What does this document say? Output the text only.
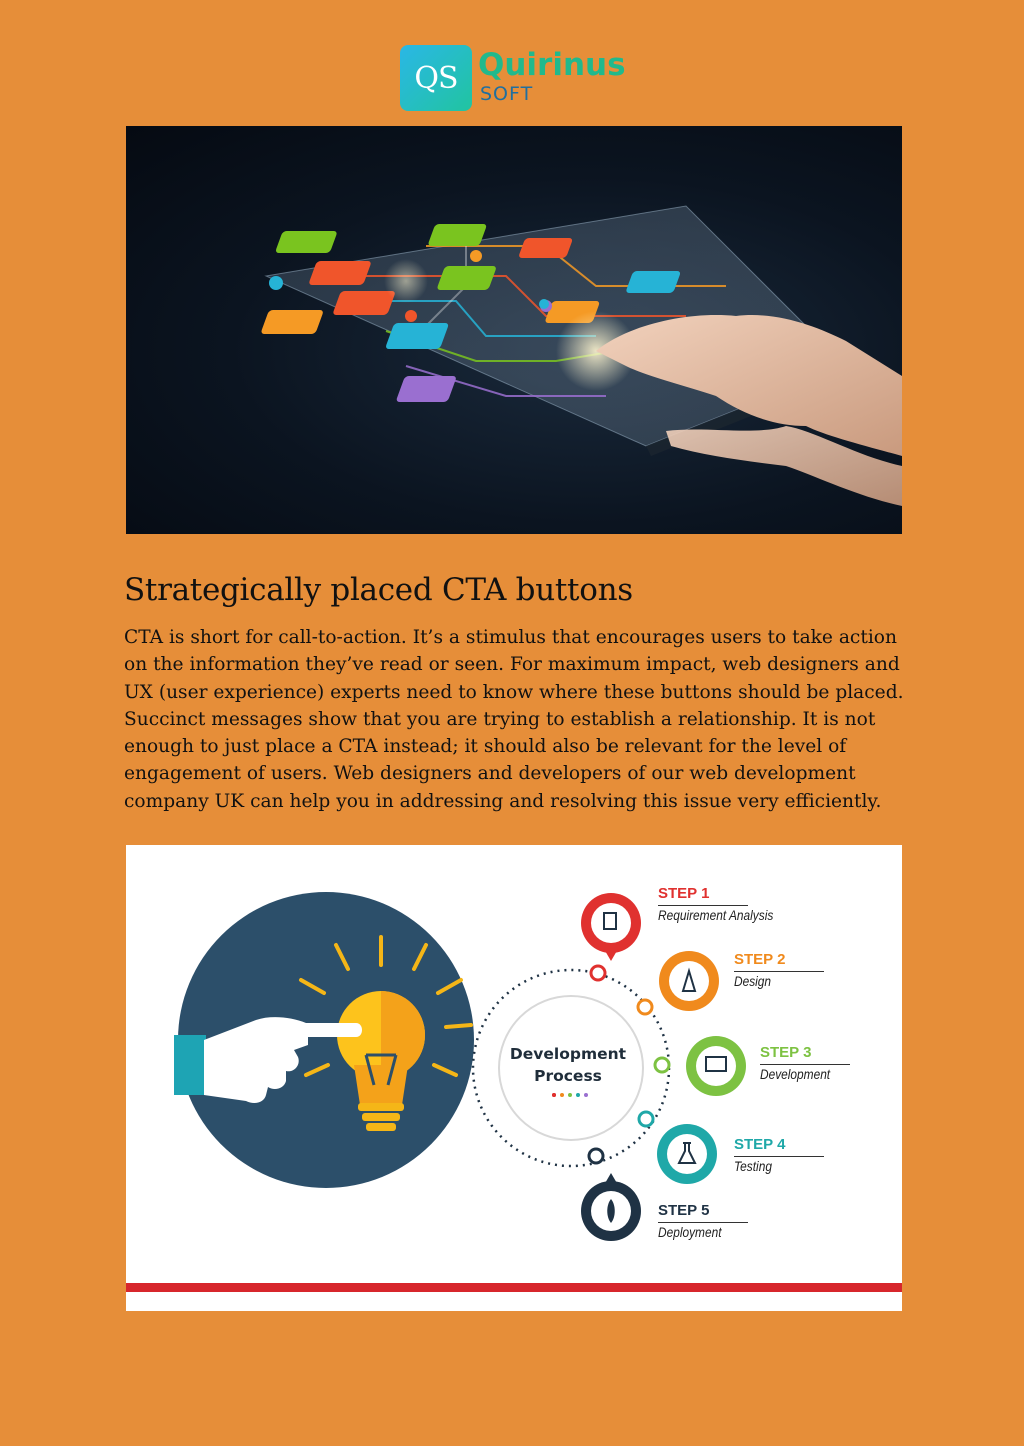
QS Quirinus
SOFT
Strategically placed CTA buttons

CTA is short for call-to-action. It’s a stimulus that encourages users to take action on the information they’ve read or seen. For maximum impact, web designers and UX (user experience) experts need to know where these buttons should be placed. Succinct messages show that you are trying to establish a relationship. It is not enough to just place a CTA instead; it should also be relevant for the level of engagement of users. Web designers and developers of our web development company UK can help you in addressing and resolving this issue very efficiently.

Development
Process
STEP 1
Requirement Analysis
STEP 2
Design
STEP 3
Development
STEP 4
Testing
STEP 5
Deployment
